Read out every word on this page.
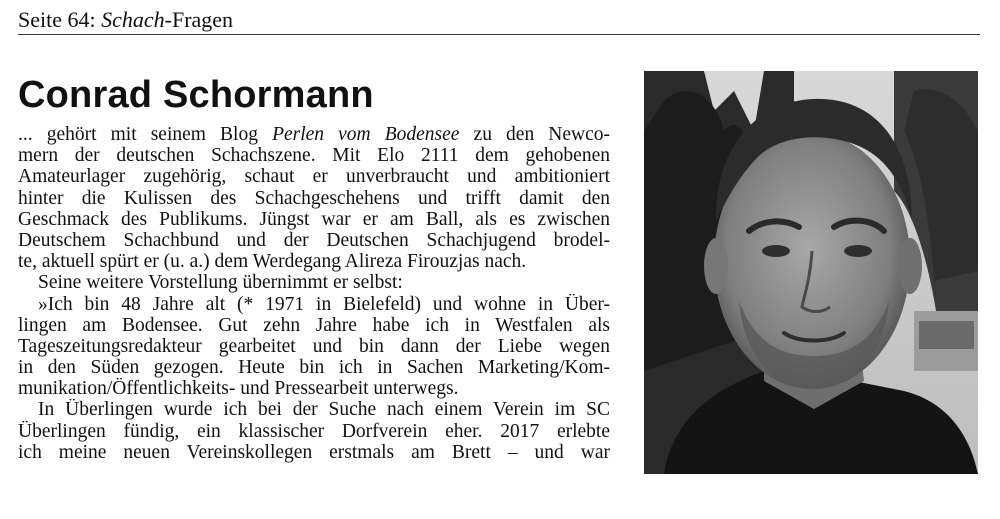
Seite 64: Schach-Fragen
Conrad Schormann
... gehört mit seinem Blog Perlen vom Bodensee zu den Newco-
mern der deutschen Schachszene. Mit Elo 2111 dem gehobenen
Amateurlager zugehörig, schaut er unverbraucht und ambitioniert
hinter die Kulissen des Schachgeschehens und trifft damit den
Geschmack des Publikums. Jüngst war er am Ball, als es zwischen
Deutschem Schachbund und der Deutschen Schachjugend brodel-
te, aktuell spürt er (u. a.) dem Werdegang Alireza Firouzjas nach.
Seine weitere Vorstellung übernimmt er selbst:
»Ich bin 48 Jahre alt (* 1971 in Bielefeld) und wohne in Über-
lingen am Bodensee. Gut zehn Jahre habe ich in Westfalen als
Tageszeitungsredakteur gearbeitet und bin dann der Liebe wegen
in den Süden gezogen. Heute bin ich in Sachen Marketing/Kom-
munikation/Öffentlichkeits- und Pressearbeit unterwegs.
In Überlingen wurde ich bei der Suche nach einem Verein im SC
Überlingen fündig, ein klassischer Dorfverein eher. 2017 erlebte
ich meine neuen Vereinskollegen erstmals am Brett – und war
